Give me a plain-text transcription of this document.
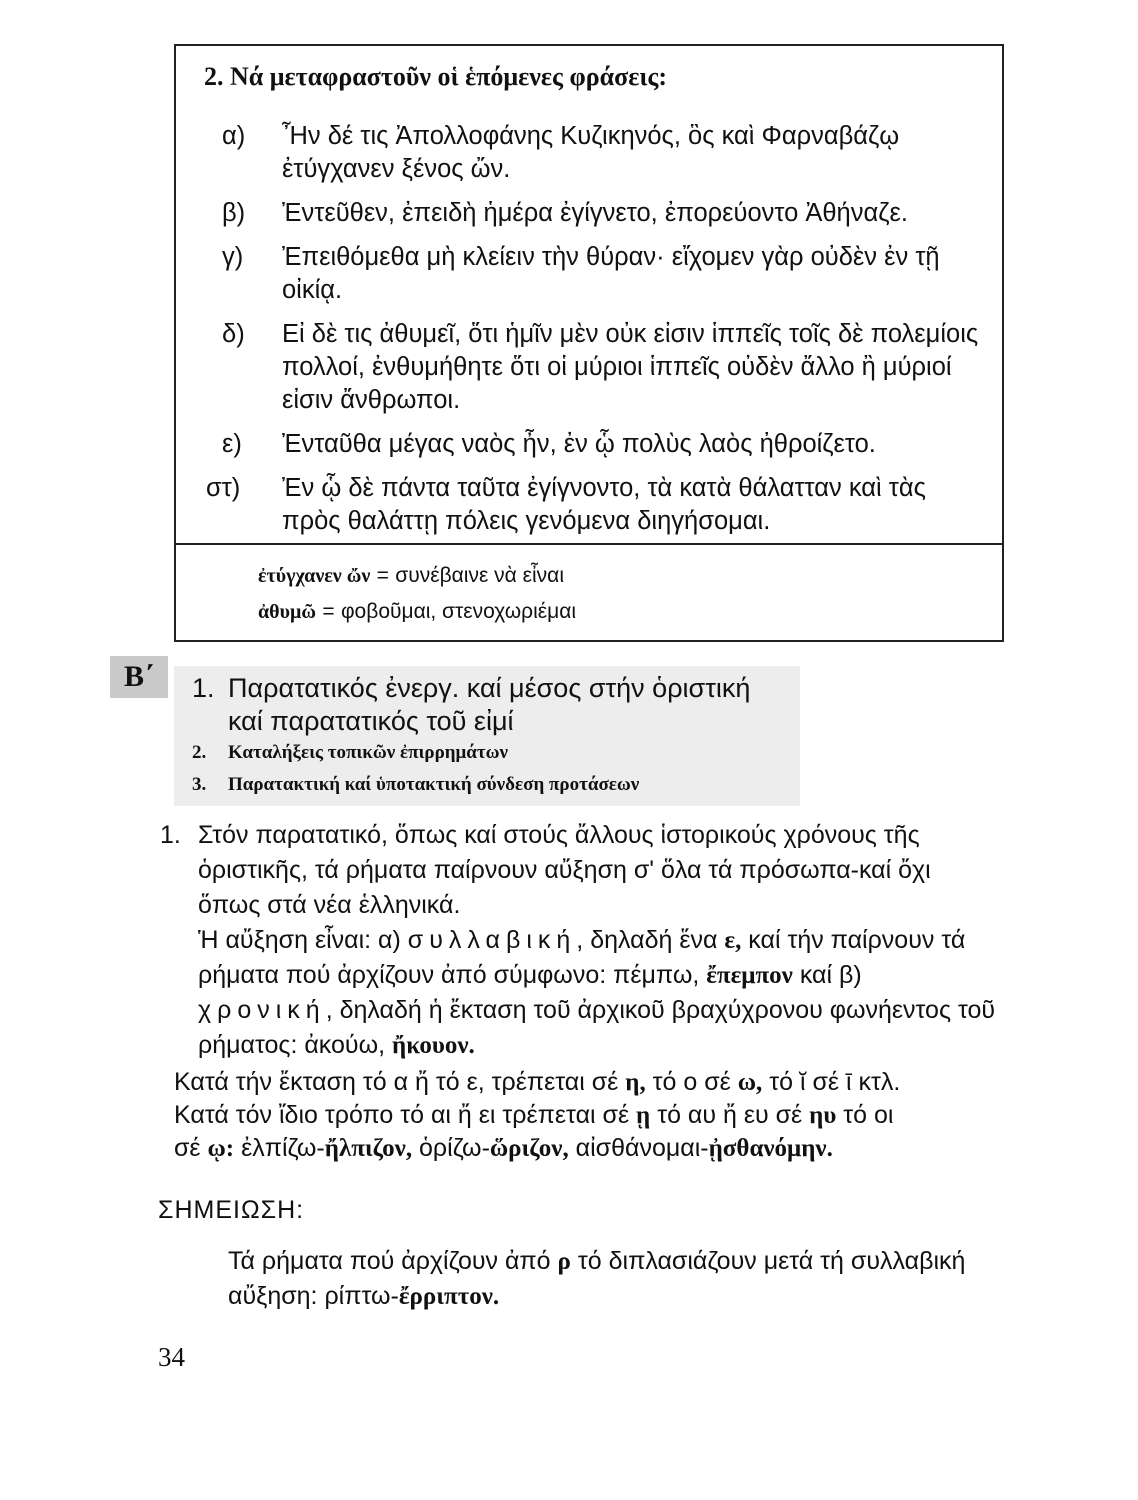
2. Νά μεταφραστοῦν οἱ ἑπόμενες φράσεις:
α) Ἦν δέ τις Ἀπολλοφάνης Κυζικηνός, ὃς καὶ Φαρναβάζῳ ἐτύγχανεν ξένος ὤν.
β) Ἐντεῦθεν, ἐπειδὴ ἡμέρα ἐγίγνετο, ἐπορεύοντο Ἀθήναζε.
γ) Ἐπειθόμεθα μὴ κλείειν τὴν θύραν· εἴχομεν γὰρ οὐδὲν ἐν τῇ οἰκίᾳ.
δ) Εἰ δὲ τις ἀθυμεῖ, ὅτι ἡμῖν μὲν οὐκ εἰσιν ἱππεῖς τοῖς δὲ πολεμίοις πολλοί, ἐνθυμήθητε ὅτι οἱ μύριοι ἱππεῖς οὐδὲν ἄλλο ἢ μύριοί εἰσιν ἄνθρωποι.
ε) Ἐνταῦθα μέγας ναὸς ἦν, ἐν ᾧ πολὺς λαὸς ἠθροίζετο.
στ) Ἐν ᾧ δὲ πάντα ταῦτα ἐγίγνοντο, τὰ κατὰ θάλατταν καὶ τὰς πρὸς θαλάττῃ πόλεις γενόμενα διηγήσομαι.
ἐτύγχανεν ὤν = συνέβαινε νὰ εἶναι
ἀθυμῶ = φοβοῦμαι, στενοχωριέμαι
Β΄	1. Παρατατικός ἐνεργ. καί μέσος στήν ὁριστική
καί παρατατικός τοῦ εἰμί
2. Καταλήξεις τοπικῶν ἐπιρρημάτων
3. Παρατακτική καί ὑποτακτική σύνδεση προτάσεων
1. Στόν παρατατικό, ὅπως καί στούς ἄλλους ἱστορικούς χρόνους τῆς ὁριστικῆς, τά ρήματα παίρνουν αὔξηση σ' ὅλα τά πρόσωπα-καί ὄχι ὅπως στά νέα ἑλληνικά.
Ἡ αὔξηση εἶναι: α) συλλαβική, δηλαδή ἕνα ε, καί τήν παίρνουν τά ρήματα πού ἀρχίζουν ἀπό σύμφωνο: πέμπω, ἔπεμπον καί β) χρονική, δηλαδή ἡ ἔκταση τοῦ ἀρχικοῦ βραχύχρονου φωνήεντος τοῦ ρήματος: ἀκούω, ἤκουον.
Κατά τήν ἔκταση τό α ἤ τό ε, τρέπεται σέ η, τό ο σέ ω, τό ῐ σέ ῑ κτλ.
Κατά τόν ἴδιο τρόπο τό αι ἤ ει τρέπεται σέ ῃ τό αυ ἤ ευ σέ ηυ τό οι
σέ ῳ: ἐλπίζω-ἤλπιζον, ὁρίζω-ὥριζον, αἰσθάνομαι-ᾐσθανόμην.
ΣΗΜΕΙΩΣΗ:
Τά ρήματα πού ἀρχίζουν ἀπό ρ τό διπλασιάζουν μετά τή συλλαβική αὔξηση: ρίπτω-ἔρριπτον.
34
